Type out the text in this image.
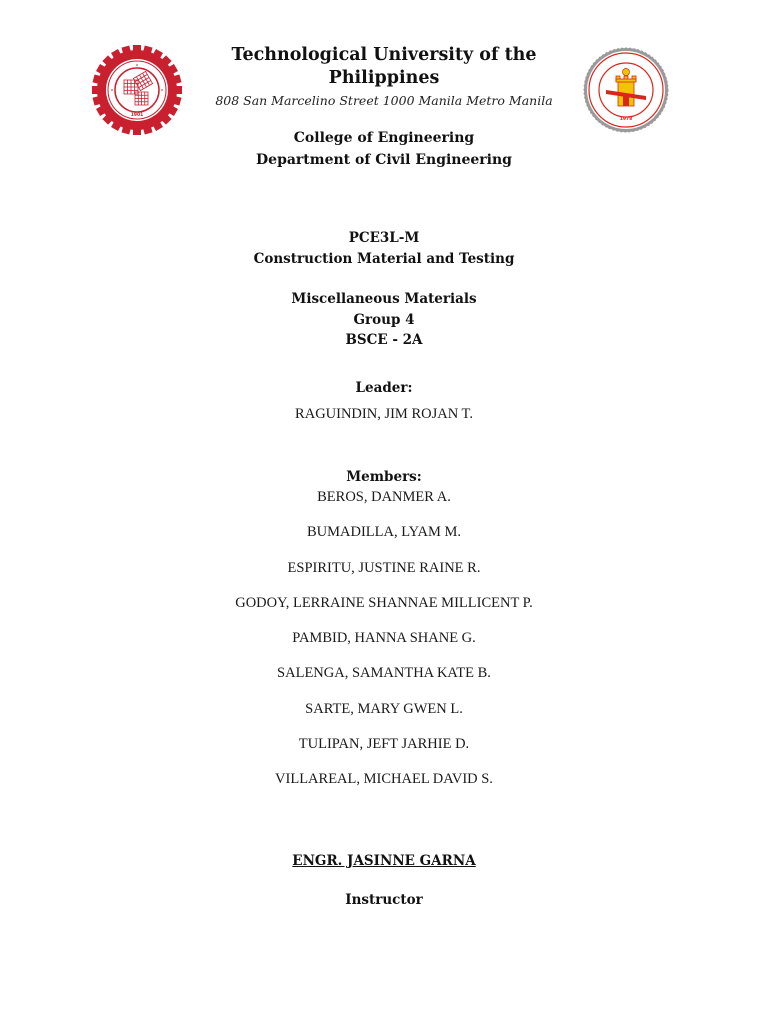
1901
1978
Technological University of the
Philippines
808 San Marcelino Street 1000 Manila Metro Manila
College of Engineering
Department of Civil Engineering
PCE3L-M
Construction Material and Testing
Miscellaneous Materials
Group 4
BSCE - 2A
Leader:
RAGUINDIN, JIM ROJAN T.
Members:
BEROS, DANMER A.
BUMADILLA, LYAM M.
ESPIRITU, JUSTINE RAINE R.
GODOY, LERRAINE SHANNAE MILLICENT P.
PAMBID, HANNA SHANE G.
SALENGA, SAMANTHA KATE B.
SARTE, MARY GWEN L.
TULIPAN, JEFT JARHIE D.
VILLAREAL, MICHAEL DAVID S.
ENGR. JASINNE GARNA
Instructor
